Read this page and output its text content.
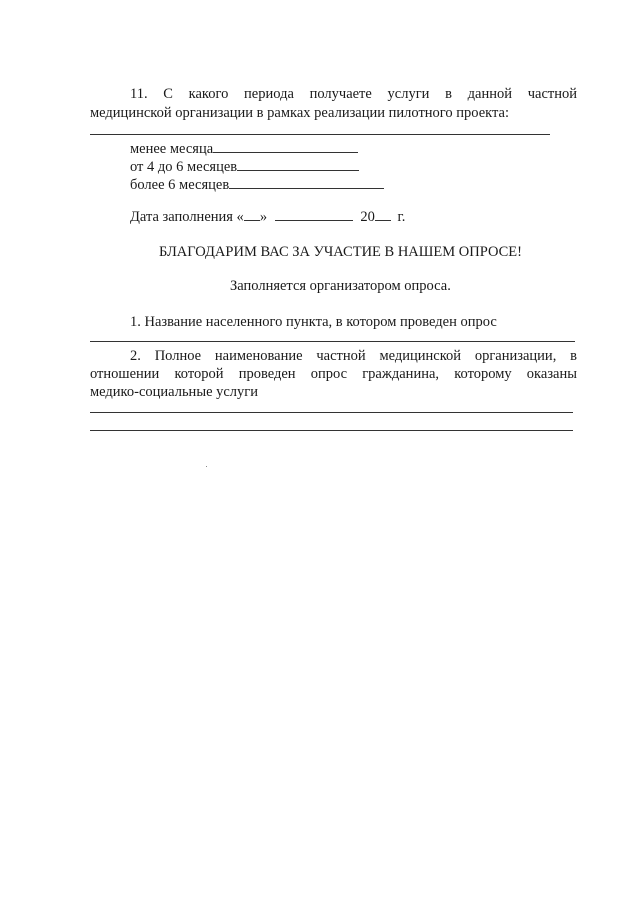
11. С какого периода получаете услуги в данной частной
медицинской организации в рамках реализации пилотного проекта:
менее месяца
от 4 до 6 месяцев
более 6 месяцев
Дата заполнения « »	20 г.
БЛАГОДАРИМ ВАС ЗА УЧАСТИЕ В НАШЕМ ОПРОСЕ!
Заполняется организатором опроса.
1. Название населенного пункта, в котором проведен опрос
2. Полное наименование частной медицинской организации, в
отношении которой проведен опрос гражданина, которому оказаны
медико-социальные услуги
